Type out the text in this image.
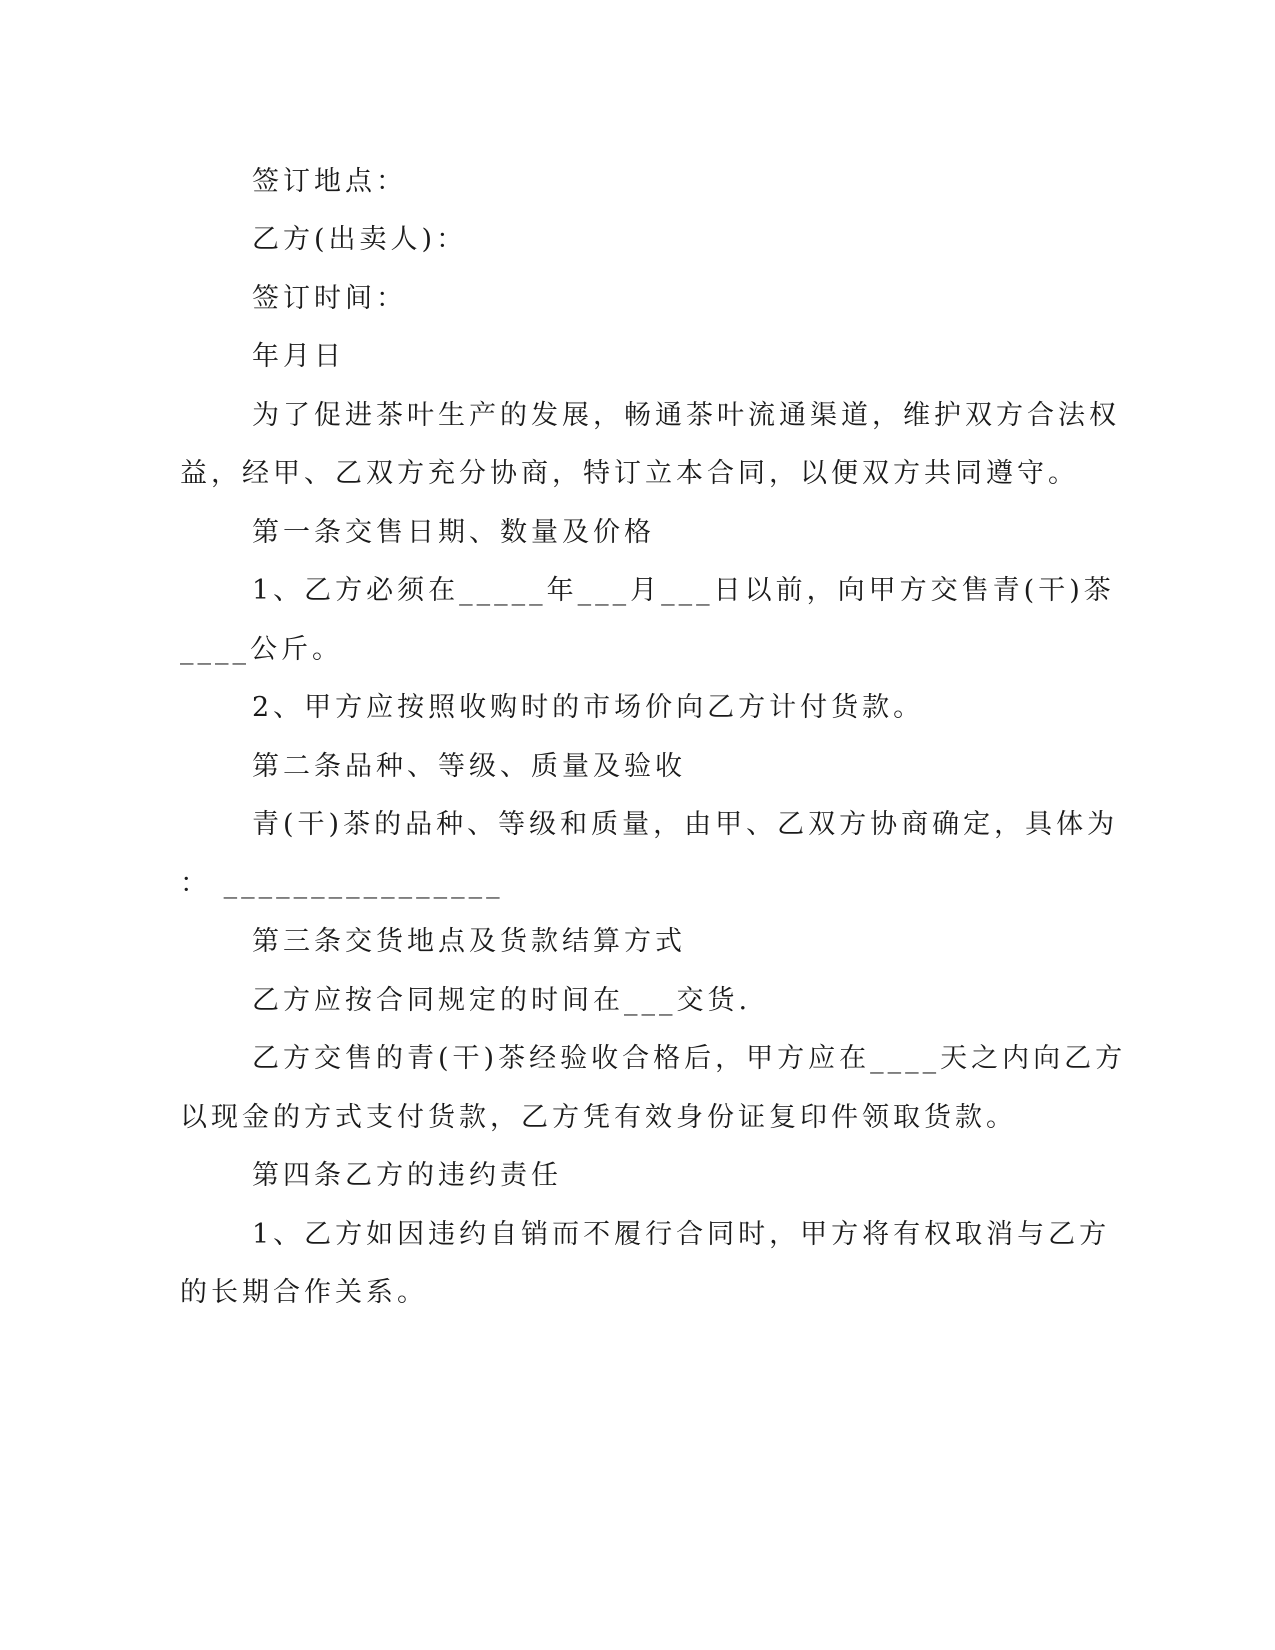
签订地点：
乙方(出卖人)：
签订时间：
年月日
为了促进茶叶生产的发展，畅通茶叶流通渠道，维护双方合法权
益，经甲、乙双方充分协商，特订立本合同，以便双方共同遵守。
第一条交售日期、数量及价格
1、乙方必须在_____年___月___日以前，向甲方交售青(干)茶
____公斤。
2、甲方应按照收购时的市场价向乙方计付货款。
第二条品种、等级、质量及验收
青(干)茶的品种、等级和质量，由甲、乙双方协商确定，具体为
： ________________
第三条交货地点及货款结算方式
乙方应按合同规定的时间在___交货.
乙方交售的青(干)茶经验收合格后，甲方应在____天之内向乙方
以现金的方式支付货款，乙方凭有效身份证复印件领取货款。
第四条乙方的违约责任
1、乙方如因违约自销而不履行合同时，甲方将有权取消与乙方
的长期合作关系。
